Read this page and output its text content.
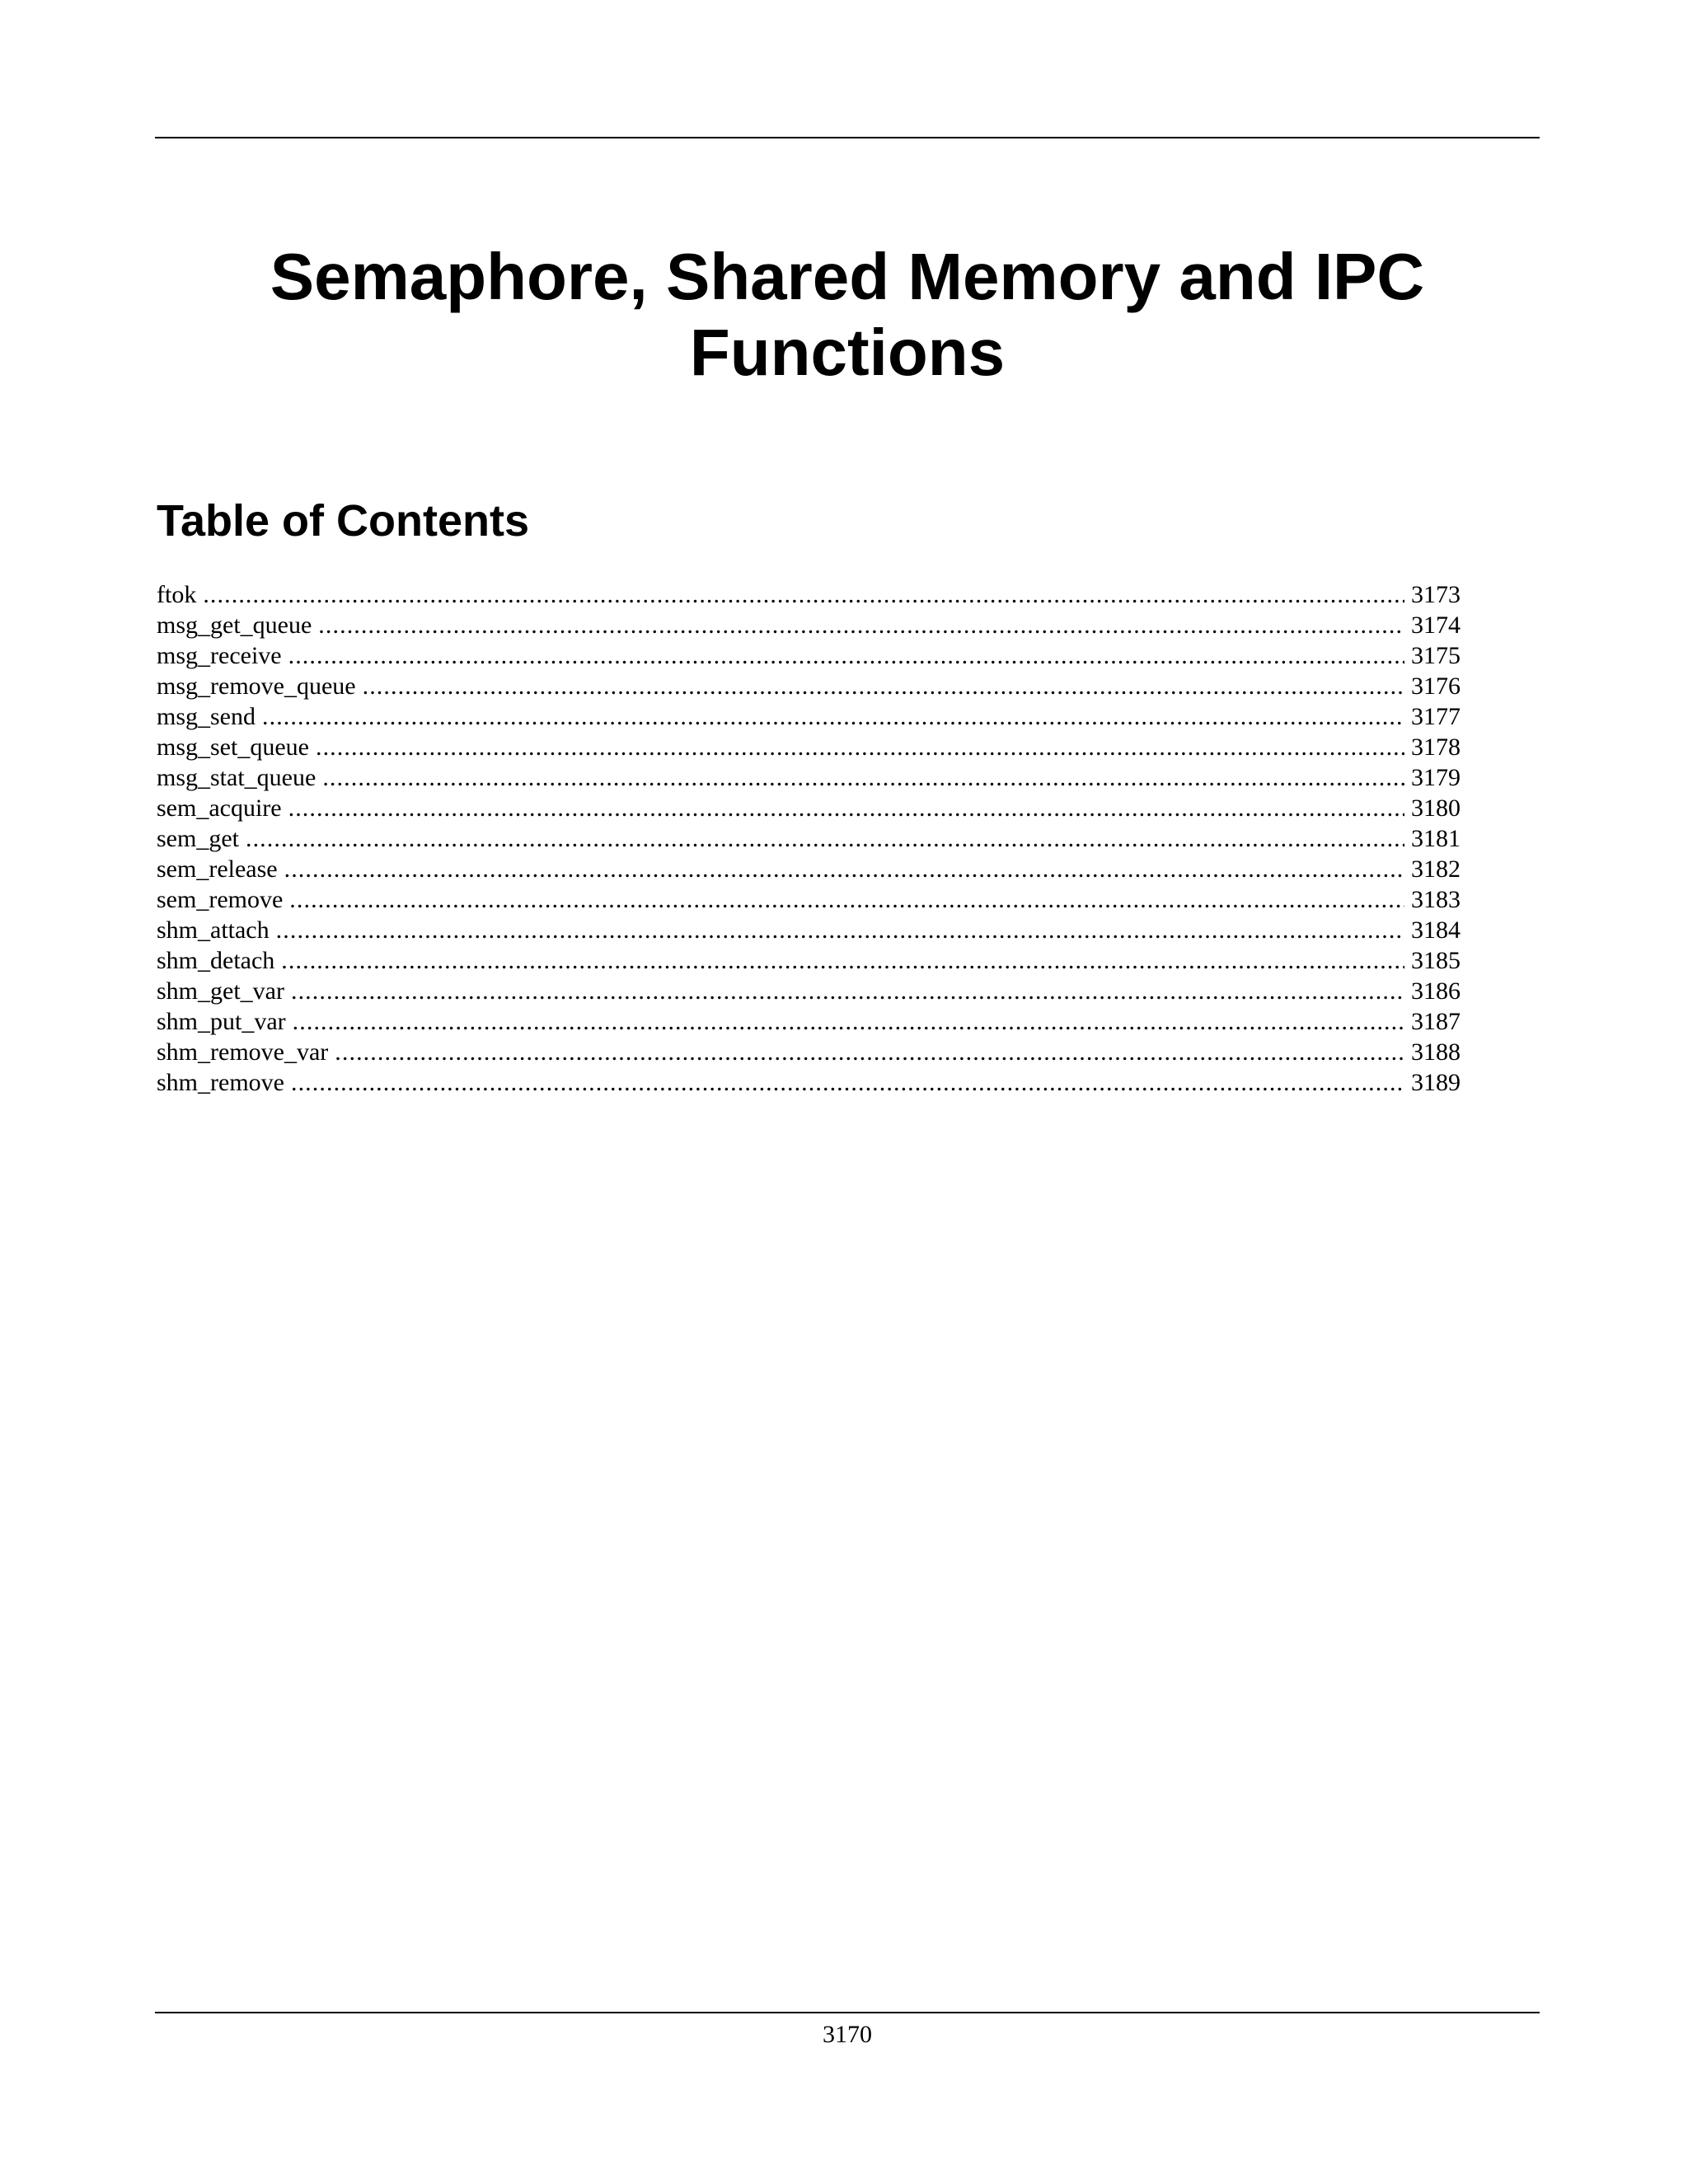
Semaphore, Shared Memory and IPC Functions
Table of Contents
ftok . . .	3173
msg_get_queue . . .	3174
msg_receive . . .	3175
msg_remove_queue . . .	3176
msg_send . . .	3177
msg_set_queue . . .	3178
msg_stat_queue . . .	3179
sem_acquire . . .	3180
sem_get . . .	3181
sem_release . . .	3182
sem_remove . . .	3183
shm_attach . . .	3184
shm_detach . . .	3185
shm_get_var . . .	3186
shm_put_var . . .	3187
shm_remove_var . . .	3188
shm_remove . . .	3189

3170
